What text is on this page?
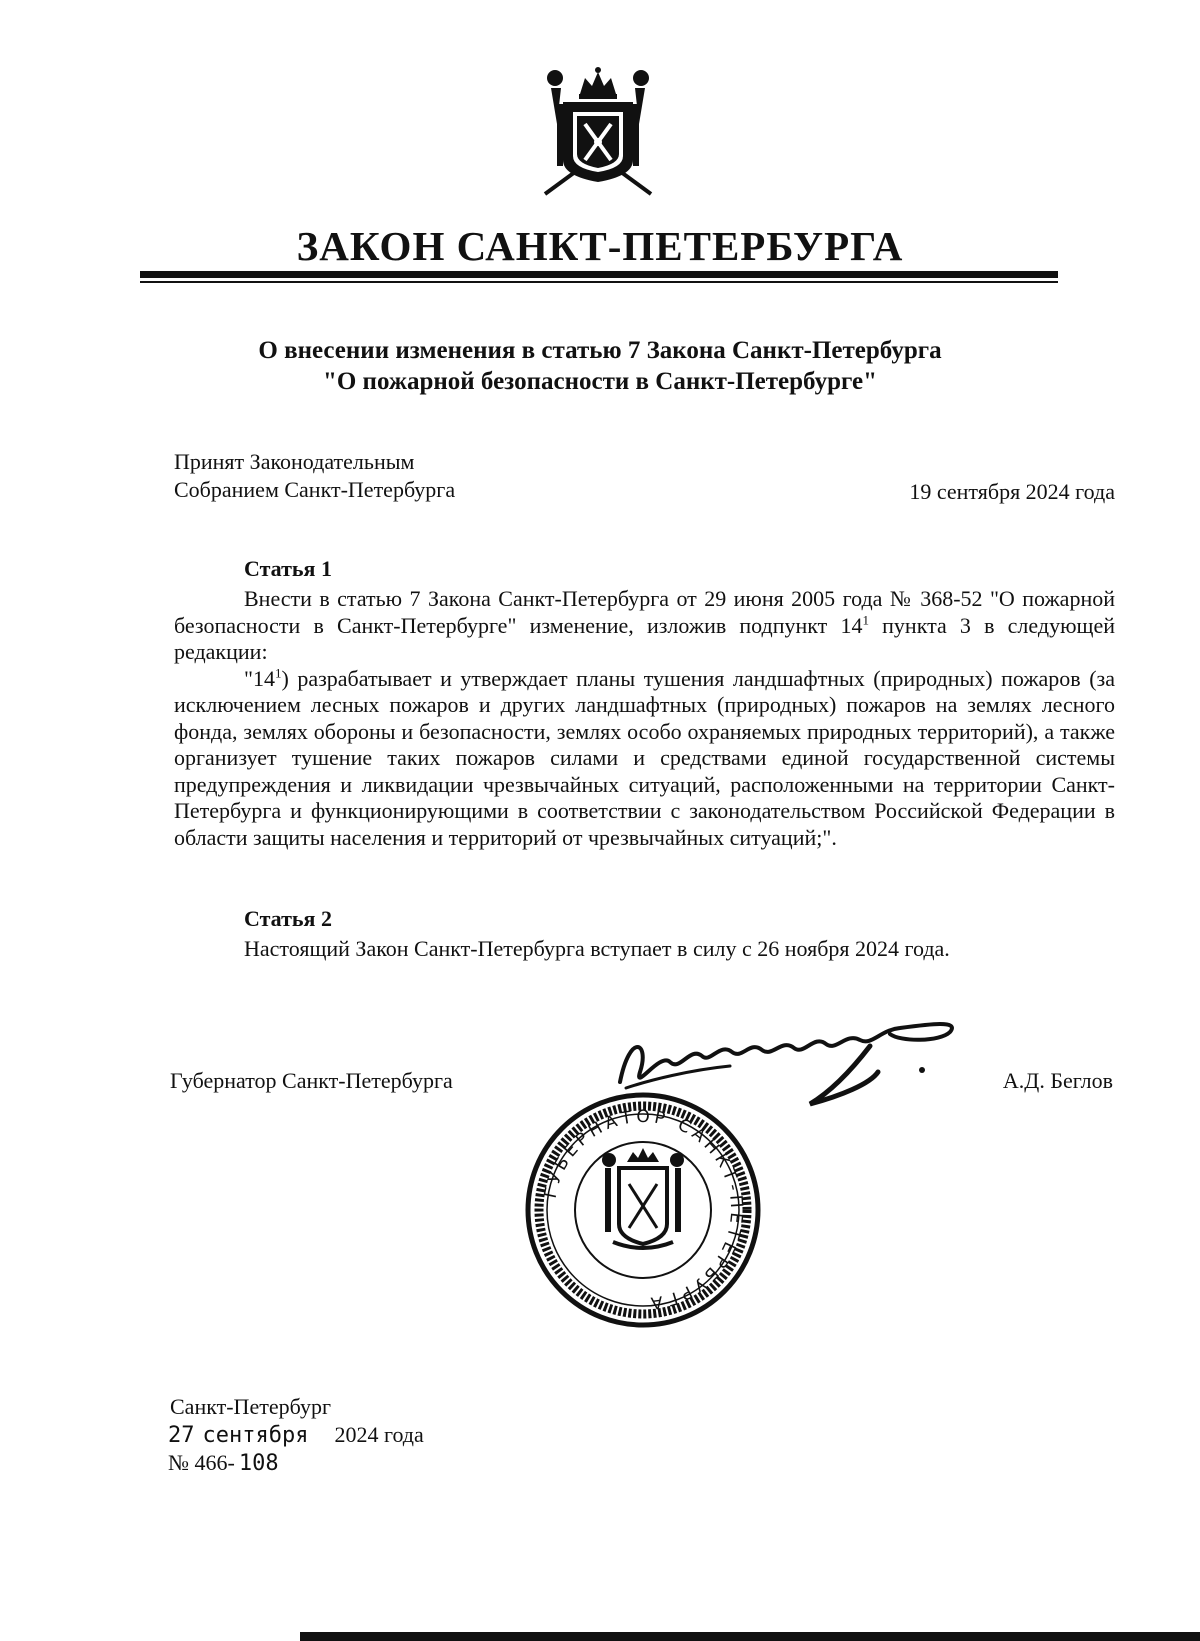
ЗАКОН САНКТ-ПЕТЕРБУРГА
О внесении изменения в статью 7 Закона Санкт-Петербурга
"О пожарной безопасности в Санкт-Петербурге"
Принят Законодательным
Собранием Санкт-Петербурга	19 сентября 2024 года
Статья 1

Внести в статью 7 Закона Санкт-Петербурга от 29 июня 2005 года № 368-52 "О пожарной безопасности в Санкт-Петербурге" изменение, изложив подпункт $14^1$ пункта 3 в следующей редакции:

"$14^1$) разрабатывает и утверждает планы тушения ландшафтных (природных) пожаров (за исключением лесных пожаров и других ландшафтных (природных) пожаров на землях лесного фонда, землях обороны и безопасности, землях особо охраняемых природных территорий), а также организует тушение таких пожаров силами и средствами единой государственной системы предупреждения и ликвидации чрезвычайных ситуаций, расположенными на территории Санкт-Петербурга и функционирующими в соответствии с законодательством Российской Федерации в области защиты населения и территорий от чрезвычайных ситуаций;".

Статья 2
Настоящий Закон Санкт-Петербурга вступает в силу с 26 ноября 2024 года.
Губернатор Санкт-Петербурга	А.Д. Беглов
ГУБЕРНАТОР САНКТ-ПЕТЕРБУРГА
Санкт-Петербург
27 сентября 2024 года
№ 466- 108
